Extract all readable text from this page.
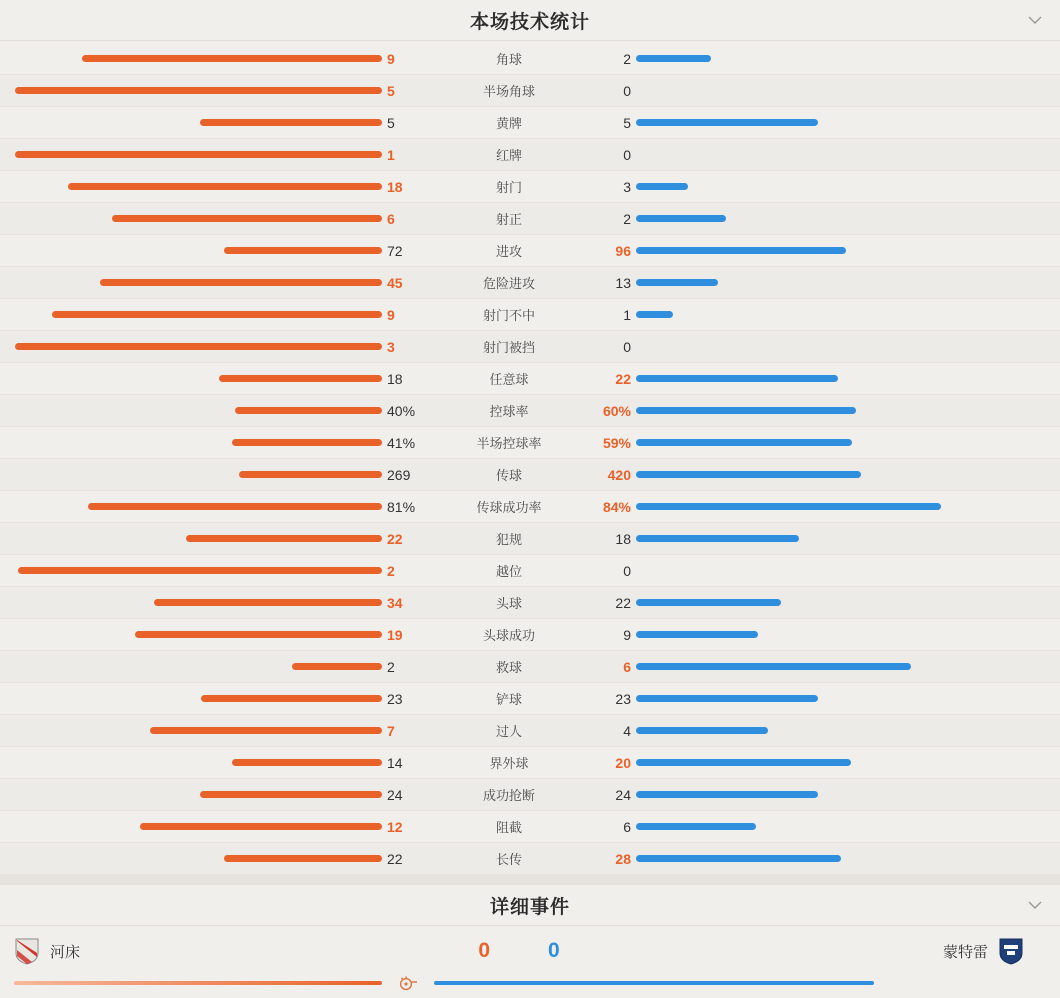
本场技术统计
9	角球	2
5	半场角球	0
5	黄牌	5
1	红牌	0
18	射门	3
6	射正	2
72	进攻	96
45	危险进攻	13
9	射门不中	1
3	射门被挡	0
18	任意球	22
40%	控球率	60%
41%	半场控球率	59%
269	传球	420
81%	传球成功率	84%
22	犯规	18
2	越位	0
34	头球	22
19	头球成功	9
2	救球	6
23	铲球	23
7	过人	4
14	界外球	20
24	成功抢断	24
12	阻截	6
22	长传	28
详细事件
河床	0	0	蒙特雷
